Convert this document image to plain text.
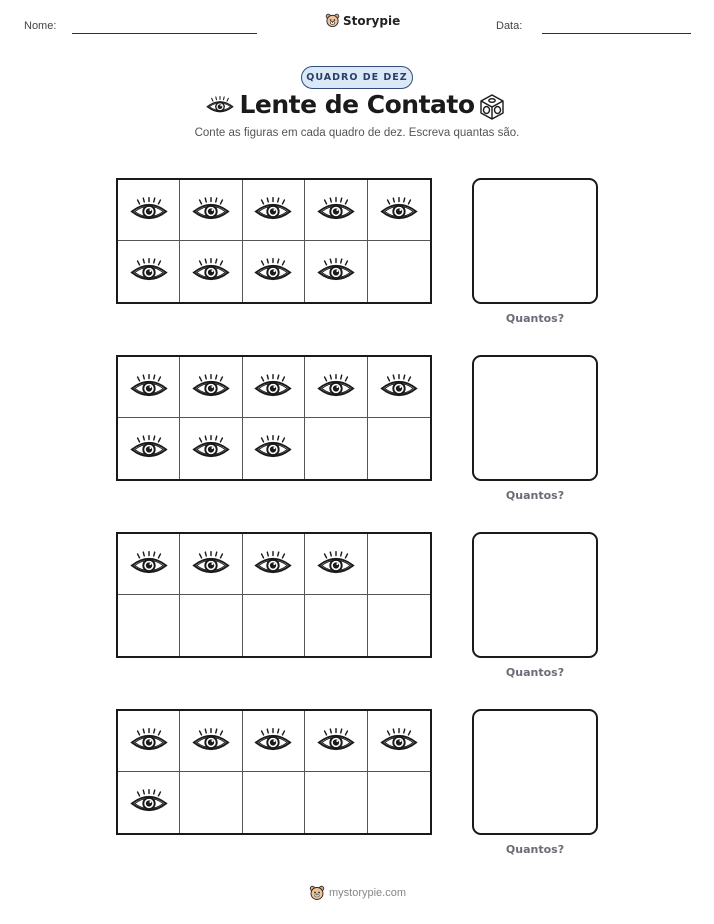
Nome:	Storypie	Data:
QUADRO DE DEZ
Lente de Contato

Conte as figuras em cada quadro de dez. Escreva quantas são.

Quantos?
Quantos?
Quantos?
Quantos?
mystorypie.com
